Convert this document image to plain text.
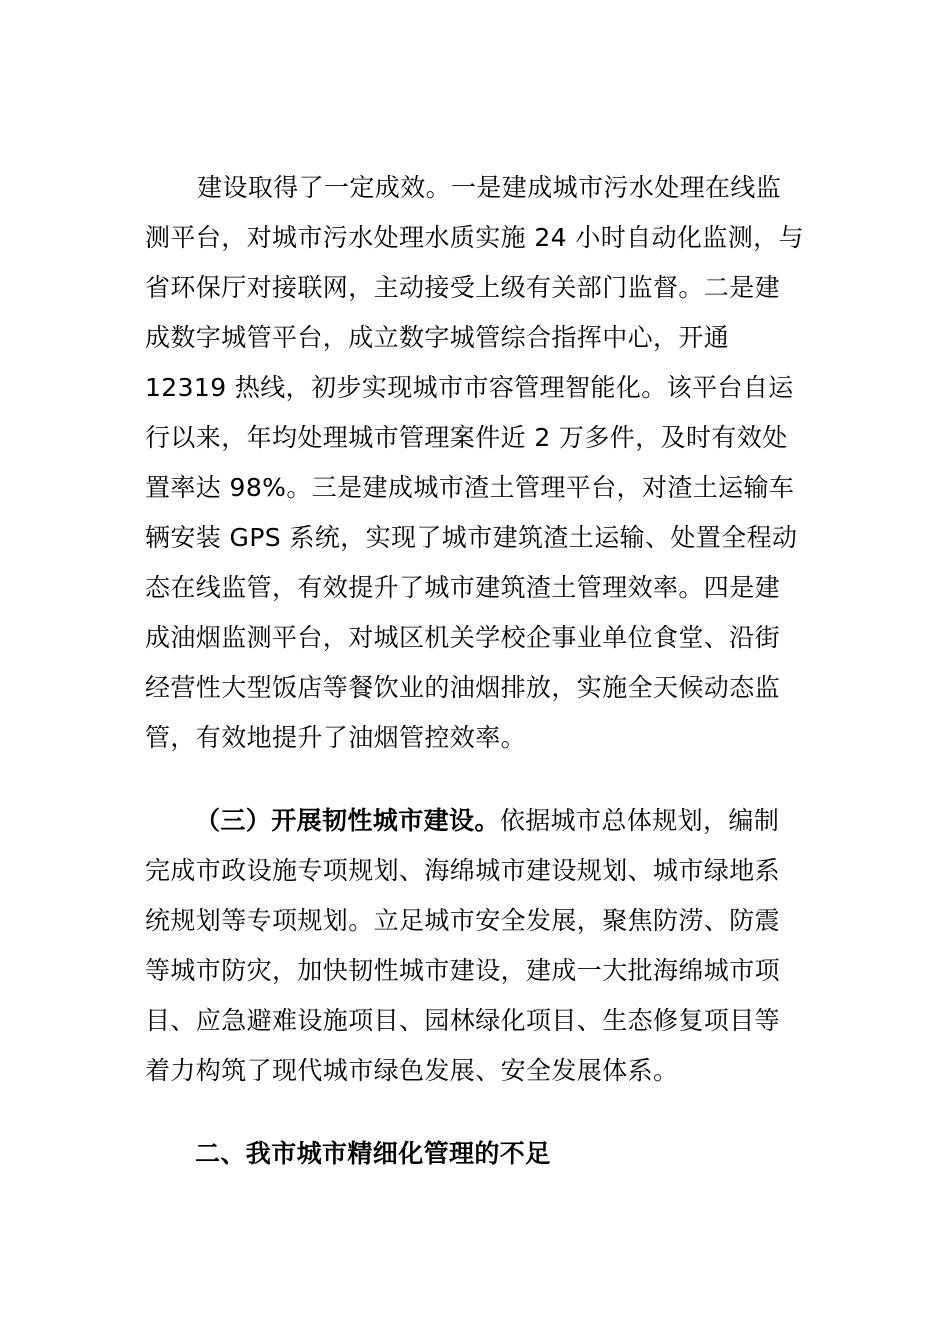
建设取得了一定成效。一是建成城市污水处理在线监
测平台，对城市污水处理水质实施 24 小时自动化监测，与
省环保厅对接联网，主动接受上级有关部门监督。二是建
成数字城管平台，成立数字城管综合指挥中心，开通
12319 热线，初步实现城市市容管理智能化。该平台自运
行以来，年均处理城市管理案件近 2 万多件，及时有效处
置率达 98%。三是建成城市渣土管理平台，对渣土运输车
辆安装 GPS 系统，实现了城市建筑渣土运输、处置全程动
态在线监管，有效提升了城市建筑渣土管理效率。四是建
成油烟监测平台，对城区机关学校企事业单位食堂、沿街
经营性大型饭店等餐饮业的油烟排放，实施全天候动态监
管，有效地提升了油烟管控效率。
（三）开展韧性城市建设。依据城市总体规划，编制
完成市政设施专项规划、海绵城市建设规划、城市绿地系
统规划等专项规划。立足城市安全发展，聚焦防涝、防震
等城市防灾，加快韧性城市建设，建成一大批海绵城市项
目、应急避难设施项目、园林绿化项目、生态修复项目等
着力构筑了现代城市绿色发展、安全发展体系。
二、我市城市精细化管理的不足
